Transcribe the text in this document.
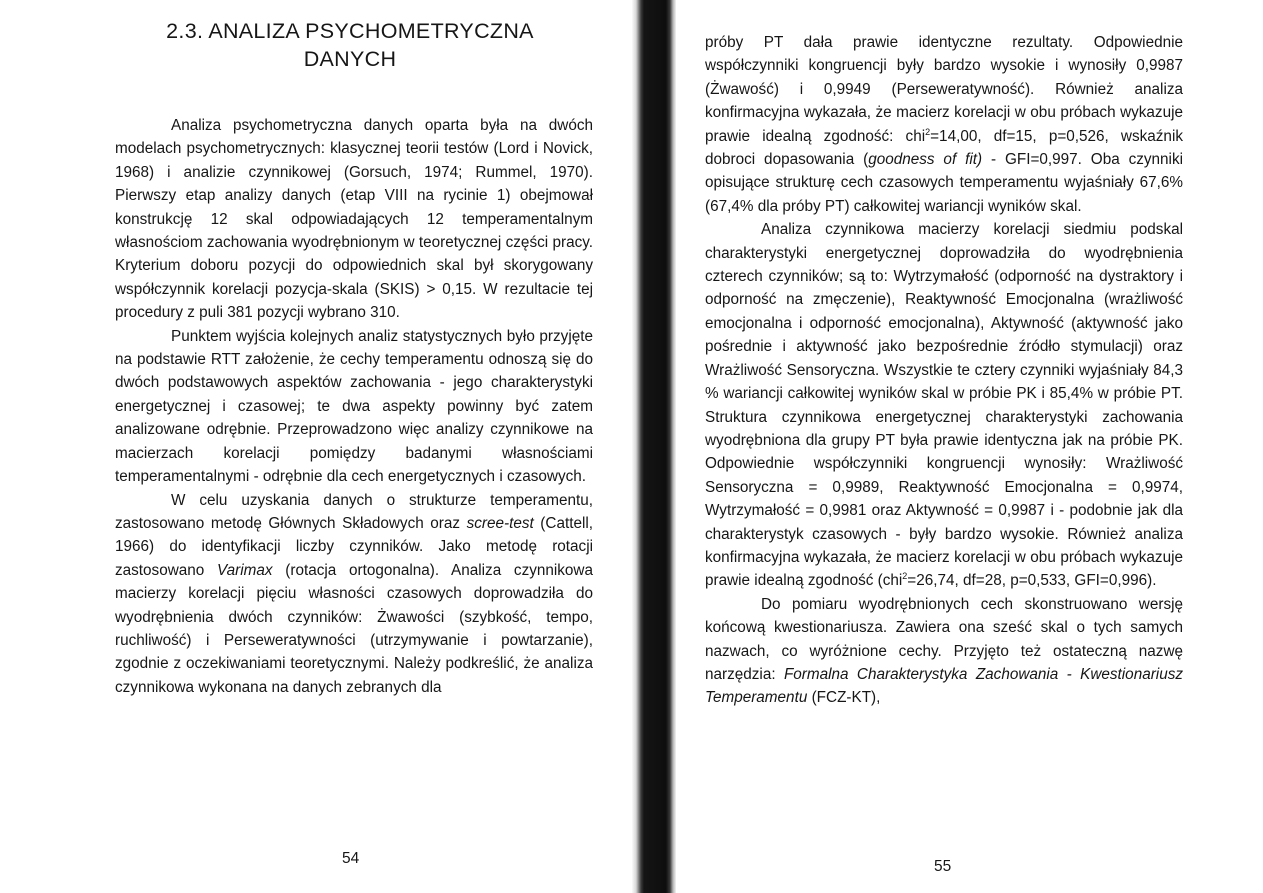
2.3. ANALIZA PSYCHOMETRYCZNA
DANYCH

Analiza psychometryczna danych oparta była na dwóch modelach psychometrycznych: klasycznej teorii testów (Lord i Novick, 1968) i analizie czynnikowej (Gorsuch, 1974; Rummel, 1970). Pierwszy etap analizy danych (etap VIII na rycinie 1) obejmował konstrukcję 12 skal odpowiadających 12 temperamentalnym własnościom zachowania wyodrębnionym w teoretycznej części pracy. Kryterium doboru pozycji do odpowiednich skal był skorygowany współczynnik korelacji pozycja-skala (SKIS) > 0,15. W rezultacie tej procedury z puli 381 pozycji wybrano 310.

Punktem wyjścia kolejnych analiz statystycznych było przyjęte na podstawie RTT założenie, że cechy temperamentu odnoszą się do dwóch podstawowych aspektów zachowania - jego charakterystyki energetycznej i czasowej; te dwa aspekty powinny być zatem analizowane odrębnie. Przeprowadzono więc analizy czynnikowe na macierzach korelacji pomiędzy badanymi własnościami temperamentalnymi - odrębnie dla cech energetycznych i czasowych.

W celu uzyskania danych o strukturze temperamentu, zastosowano metodę Głównych Składowych oraz scree-test (Cattell, 1966) do identyfikacji liczby czynników. Jako metodę rotacji zastosowano Varimax (rotacja ortogonalna). Analiza czynnikowa macierzy korelacji pięciu własności czasowych doprowadziła do wyodrębnienia dwóch czynników: Żwawości (szybkość, tempo, ruchliwość) i Perseweratywności (utrzymywanie i powtarzanie), zgodnie z oczekiwaniami teoretycznymi. Należy podkreślić, że analiza czynnikowa wykonana na danych zebranych dla

54

próby PT dała prawie identyczne rezultaty. Odpowiednie współczynniki kongruencji były bardzo wysokie i wynosiły 0,9987 (Żwawość) i 0,9949 (Perseweratywność). Również analiza konfirmacyjna wykazała, że macierz korelacji w obu próbach wykazuje prawie idealną zgodność: chi$^2$=14,00, df=15, p=0,526, wskaźnik dobroci dopasowania (goodness of fit) - GFI=0,997. Oba czynniki opisujące strukturę cech czasowych temperamentu wyjaśniały 67,6% (67,4% dla próby PT) całkowitej wariancji wyników skal.

Analiza czynnikowa macierzy korelacji siedmiu podskal charakterystyki energetycznej doprowadziła do wyodrębnienia czterech czynników; są to: Wytrzymałość (odporność na dystraktory i odporność na zmęczenie), Reaktywność Emocjonalna (wrażliwość emocjonalna i odporność emocjonalna), Aktywność (aktywność jako pośrednie i aktywność jako bezpośrednie źródło stymulacji) oraz Wrażliwość Sensoryczna. Wszystkie te cztery czynniki wyjaśniały 84,3 % wariancji całkowitej wyników skal w próbie PK i 85,4% w próbie PT. Struktura czynnikowa energetycznej charakterystyki zachowania wyodrębniona dla grupy PT była prawie identyczna jak na próbie PK. Odpowiednie współczynniki kongruencji wynosiły: Wrażliwość Sensoryczna = 0,9989, Reaktywność Emocjonalna = 0,9974, Wytrzymałość = 0,9981 oraz Aktywność = 0,9987 i - podobnie jak dla charakterystyk czasowych - były bardzo wysokie. Również analiza konfirmacyjna wykazała, że macierz korelacji w obu próbach wykazuje prawie idealną zgodność (chi$^2$=26,74, df=28, p=0,533, GFI=0,996).

Do pomiaru wyodrębnionych cech skonstruowano wersję końcową kwestionariusza. Zawiera ona sześć skal o tych samych nazwach, co wyróżnione cechy. Przyjęto też ostateczną nazwę narzędzia: Formalna Charakterystyka Zachowania - Kwestionariusz Temperamentu (FCZ-KT),

55
